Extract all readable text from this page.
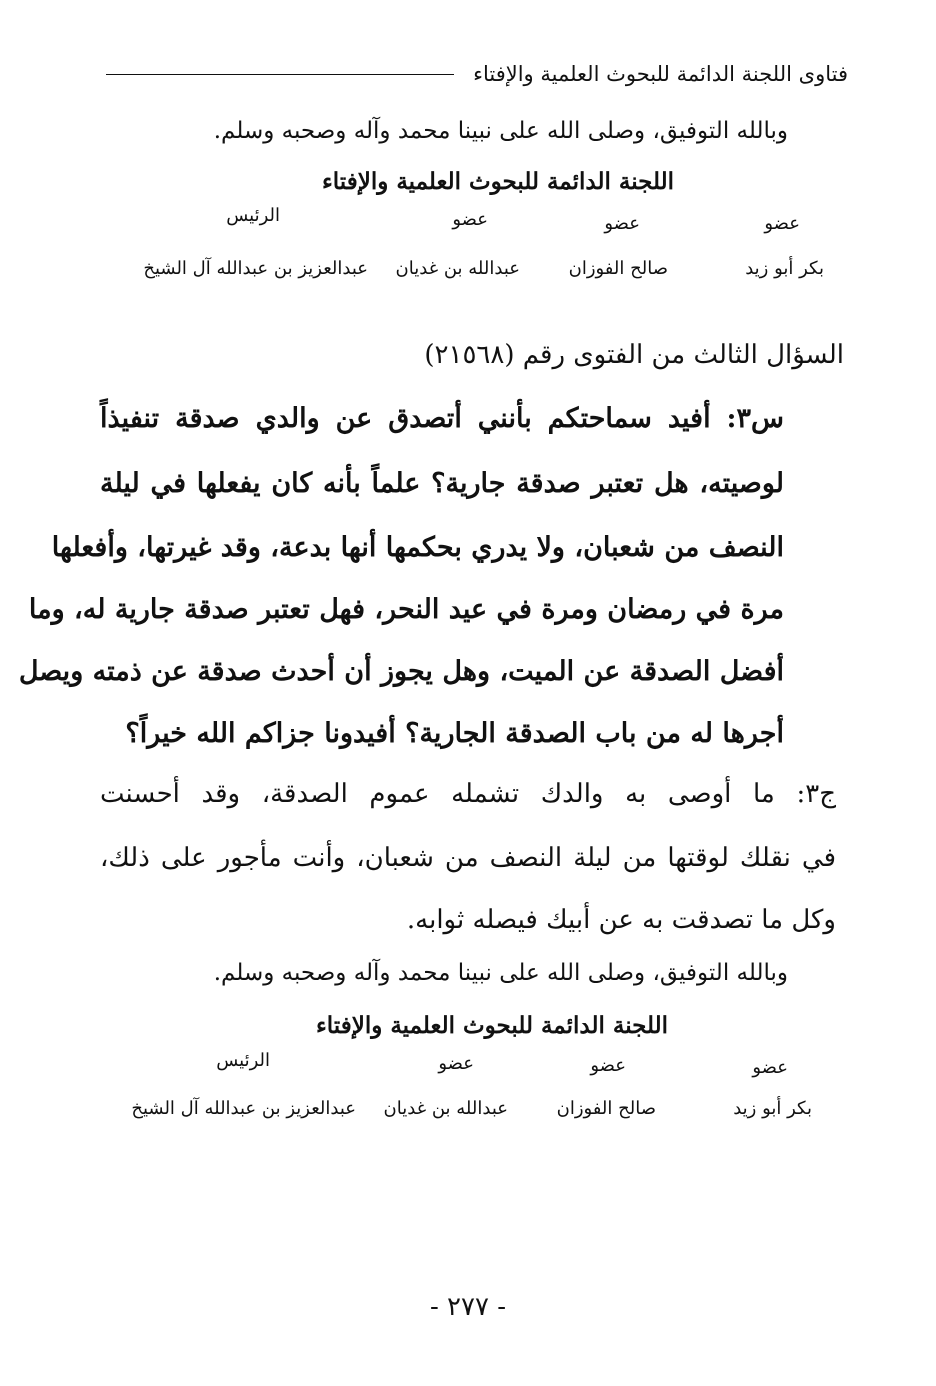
فتاوى اللجنة الدائمة للبحوث العلمية والإفتاء
وبالله التوفيق، وصلى الله على نبينا محمد وآله وصحبه وسلم.
اللجنة الدائمة للبحوث العلمية والإفتاء
عضو
عضو
عضو
الرئيس
بكر أبو زيد
صالح الفوزان
عبدالله بن غديان
عبدالعزيز بن عبدالله آل الشيخ
السؤال الثالث من الفتوى رقم (٢١٥٦٨)
س٣: أفيد سماحتكم بأنني أتصدق عن والدي صدقة تنفيذاً
لوصيته، هل تعتبر صدقة جارية؟ علماً بأنه كان يفعلها في ليلة
النصف من شعبان، ولا يدري بحكمها أنها بدعة، وقد غيرتها، وأفعلها
مرة في رمضان ومرة في عيد النحر، فهل تعتبر صدقة جارية له، وما
أفضل الصدقة عن الميت، وهل يجوز أن أحدث صدقة عن ذمته ويصل
أجرها له من باب الصدقة الجارية؟ أفيدونا جزاكم الله خيراً؟
ج٣: ما أوصى به والدك تشمله عموم الصدقة، وقد أحسنت
في نقلك لوقتها من ليلة النصف من شعبان، وأنت مأجور على ذلك،
وكل ما تصدقت به عن أبيك فيصله ثوابه.
وبالله التوفيق، وصلى الله على نبينا محمد وآله وصحبه وسلم.
اللجنة الدائمة للبحوث العلمية والإفتاء
عضو
عضو
عضو
الرئيس
بكر أبو زيد
صالح الفوزان
عبدالله بن غديان
عبدالعزيز بن عبدالله آل الشيخ
- ٢٧٧ -
